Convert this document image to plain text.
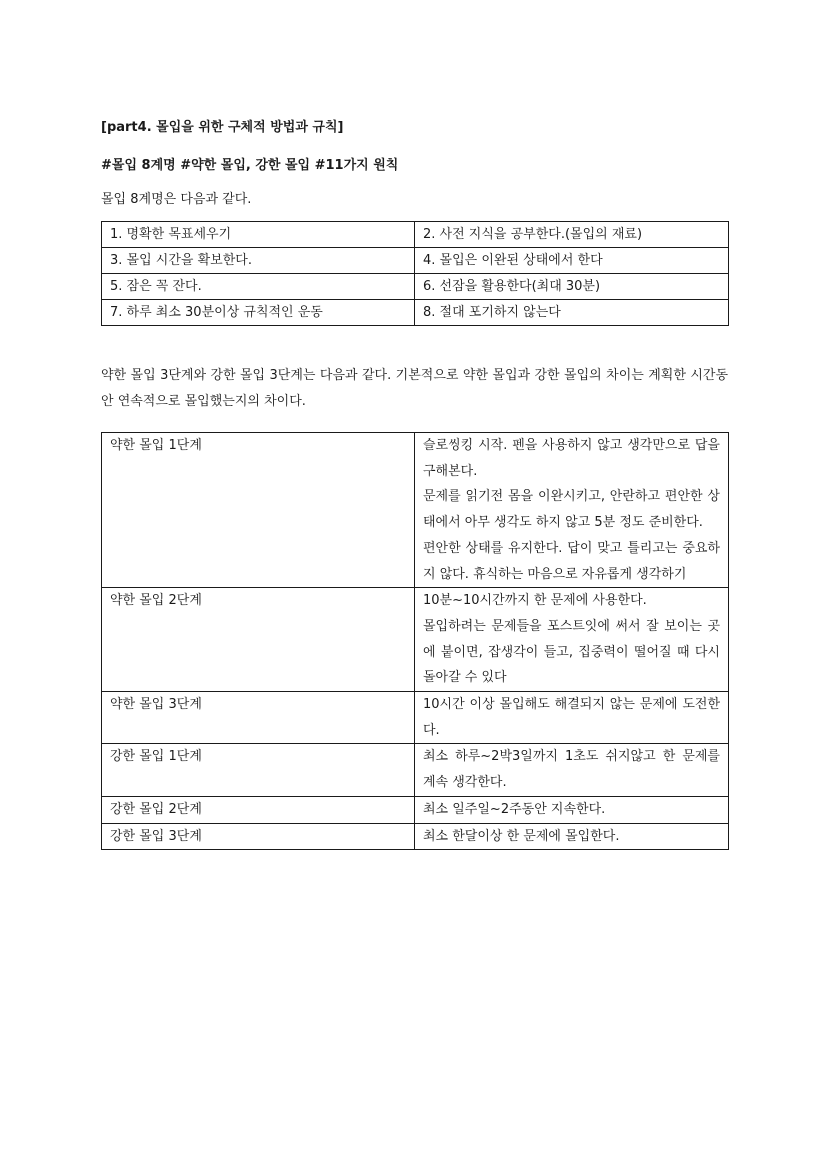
[part4. 몰입을 위한 구체적 방법과 규칙]

#몰입 8계명 #약한 몰입, 강한 몰입 #11가지 원칙

몰입 8계명은 다음과 같다.

1. 명확한 목표세우기	2. 사전 지식을 공부한다.(몰입의 재료)
3. 몰입 시간을 확보한다.	4. 몰입은 이완된 상태에서 한다
5. 잠은 꼭 잔다.	6. 선잠을 활용한다(최대 30분)
7. 하루 최소 30분이상 규칙적인 운동	8. 절대 포기하지 않는다

약한 몰입 3단계와 강한 몰입 3단계는 다음과 같다. 기본적으로 약한 몰입과 강한 몰입의 차이는 계획한 시간동안 연속적으로 몰입했는지의 차이다.

약한 몰입 1단계	슬로씽킹 시작. 펜을 사용하지 않고 생각만으로 답을 구해본다.
문제를 읽기전 몸을 이완시키고, 안란하고 편안한 상태에서 아무 생각도 하지 않고 5분 정도 준비한다.
편안한 상태를 유지한다. 답이 맞고 틀리고는 중요하지 않다. 휴식하는 마음으로 자유롭게 생각하기

약한 몰입 2단계	10분~10시간까지 한 문제에 사용한다.
몰입하려는 문제들을 포스트잇에 써서 잘 보이는 곳에 붙이면, 잡생각이 들고, 집중력이 떨어질 때 다시 돌아갈 수 있다

약한 몰입 3단계	10시간 이상 몰입해도 해결되지 않는 문제에 도전한다.

강한 몰입 1단계	최소 하루~2박3일까지 1초도 쉬지않고 한 문제를 계속 생각한다.

강한 몰입 2단계	최소 일주일~2주동안 지속한다.

강한 몰입 3단계	최소 한달이상 한 문제에 몰입한다.
